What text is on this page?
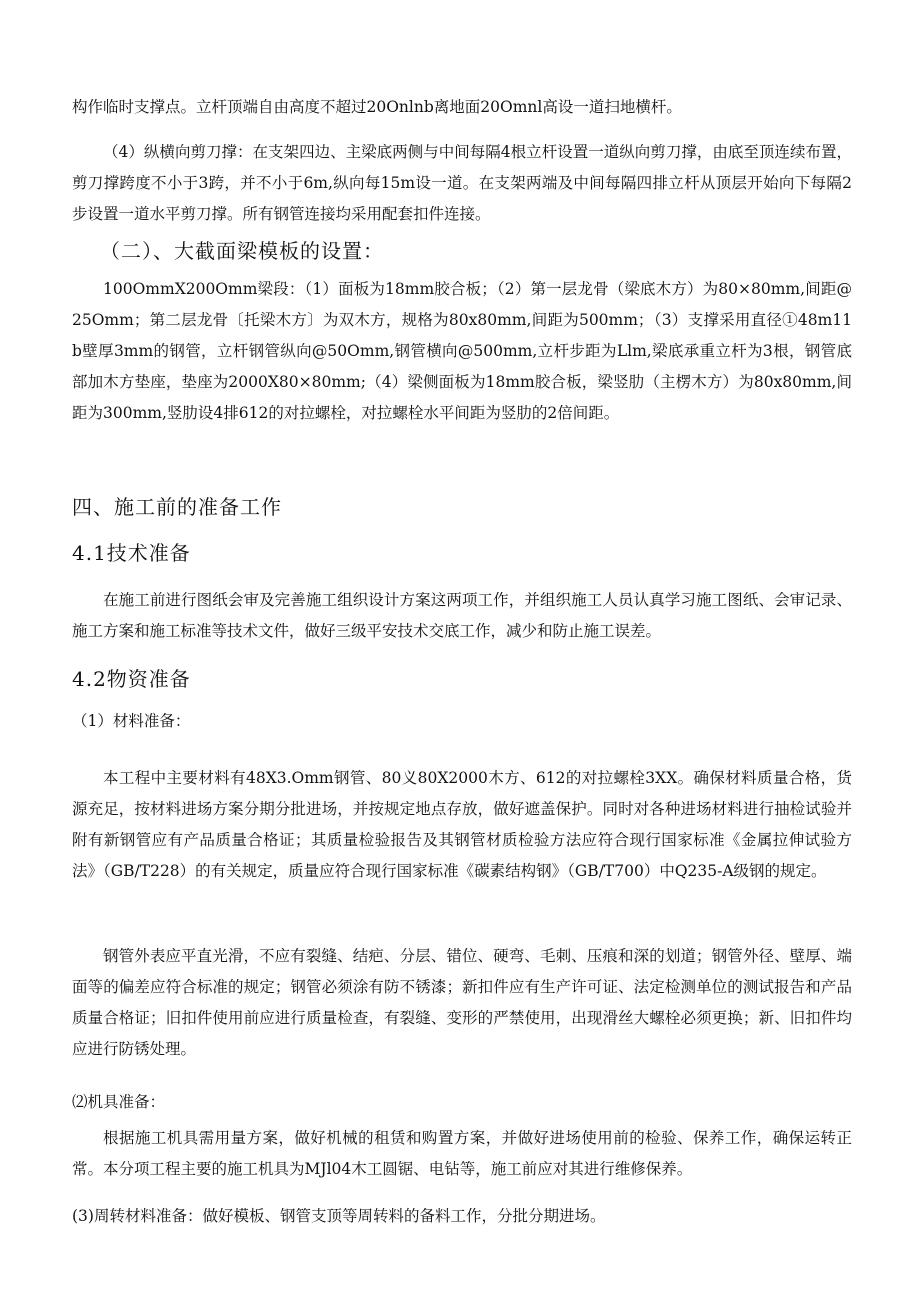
构作临时支撑点。立杆顶端自由高度不超过20Onlnb离地面20Omnl高设一道扫地横杆。
（4）纵横向剪刀撑：在支架四边、主梁底两侧与中间每隔4根立杆设置一道纵向剪刀撑，由底至顶连续布置，剪刀撑跨度不小于3跨，并不小于6m,纵向每15m设一道。在支架两端及中间每隔四排立杆从顶层开始向下每隔2步设置一道水平剪刀撑。所有钢管连接均采用配套扣件连接。
（二）、大截面梁模板的设置：
100OmmX200Omm梁段：（1）面板为18mm胶合板；（2）第一层龙骨（梁底木方）为80×80mm,间距@25Omm；第二层龙骨〔托梁木方〕为双木方，规格为80x80mm,间距为500mm；（3）支撑采用直径①48m11b壁厚3mm的钢管，立杆钢管纵向@50Omm,钢管横向@500mm,立杆步距为Llm,梁底承重立杆为3根，钢管底部加木方垫座，垫座为2000X80×80mm;（4）梁侧面板为18mm胶合板，梁竖肋（主楞木方）为80x80mm,间距为300mm,竖肋设4排612的对拉螺栓，对拉螺栓水平间距为竖肋的2倍间距。
四、施工前的准备工作
4.1技术准备
在施工前进行图纸会审及完善施工组织设计方案这两项工作，并组织施工人员认真学习施工图纸、会审记录、施工方案和施工标准等技术文件，做好三级平安技术交底工作，减少和防止施工误差。
4.2物资准备
（1）材料准备：
本工程中主要材料有48X3.Omm钢管、80义80X2000木方、612的对拉螺栓3XX。确保材料质量合格，货源充足，按材料进场方案分期分批进场，并按规定地点存放，做好遮盖保护。同时对各种进场材料进行抽检试验并附有新钢管应有产品质量合格证；其质量检验报告及其钢管材质检验方法应符合现行国家标准《金属拉伸试验方法》（GB/T228）的有关规定，质量应符合现行国家标准《碳素结构钢》（GB/T700）中Q235-A级钢的规定。
钢管外表应平直光滑，不应有裂缝、结疤、分层、错位、硬弯、毛刺、压痕和深的划道；钢管外径、壁厚、端面等的偏差应符合标准的规定；钢管必须涂有防不锈漆；新扣件应有生产许可证、法定检测单位的测试报告和产品质量合格证；旧扣件使用前应进行质量检查，有裂缝、变形的严禁使用，出现滑丝大螺栓必须更换；新、旧扣件均应进行防锈处理。
⑵机具准备：
根据施工机具需用量方案，做好机械的租赁和购置方案，并做好进场使用前的检验、保养工作，确保运转正常。本分项工程主要的施工机具为MJl04木工圆锯、电钻等，施工前应对其进行维修保养。
(3)周转材料准备：做好模板、钢管支顶等周转料的备料工作，分批分期进场。
